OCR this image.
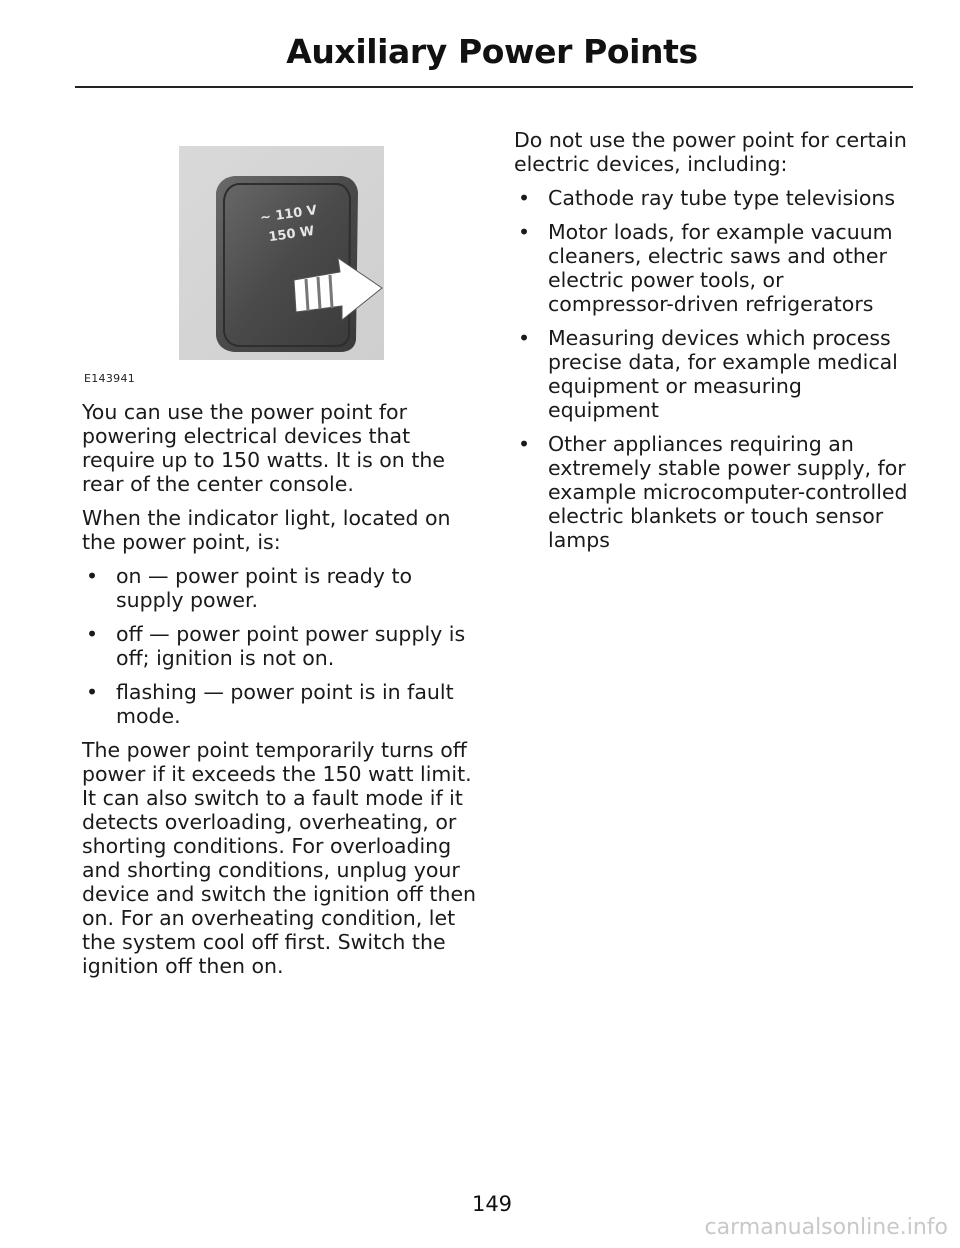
Auxiliary Power Points
~ 110 V
150 W
E143941

You can use the power point for powering electrical devices that require up to 150 watts. It is on the rear of the center console.

When the indicator light, located on the power point, is:

• on — power point is ready to supply power.
• off — power point power supply is off; ignition is not on.
• flashing — power point is in fault mode.

The power point temporarily turns off power if it exceeds the 150 watt limit. It can also switch to a fault mode if it detects overloading, overheating, or shorting conditions. For overloading and shorting conditions, unplug your device and switch the ignition off then on. For an overheating condition, let the system cool off first. Switch the ignition off then on.

Do not use the power point for certain electric devices, including:

• Cathode ray tube type televisions
• Motor loads, for example vacuum cleaners, electric saws and other electric power tools, or compressor-driven refrigerators
• Measuring devices which process precise data, for example medical equipment or measuring equipment
• Other appliances requiring an extremely stable power supply, for example microcomputer-controlled electric blankets or touch sensor lamps
149
carmanualsonline.info
